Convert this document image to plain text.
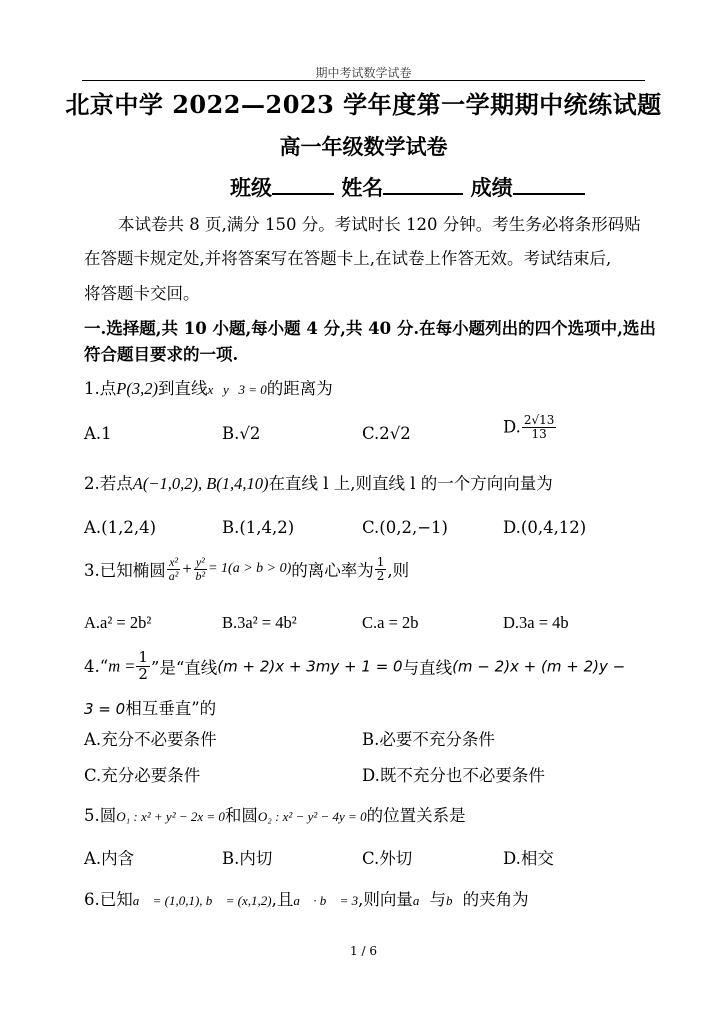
期中考试数学试卷
北京中学 2022—2023 学年度第一学期期中统练试题
高一年级数学试卷
班级	姓名	成绩
本试卷共 8 页,满分 150 分。考试时长 120 分钟。考生务必将条形码贴
在答题卡规定处,并将答案写在答题卡上,在试卷上作答无效。考试结束后,
将答题卡交回。
一.选择题,共 10 小题,每小题 4 分,共 40 分.在每小题列出的四个选项中,选出
符合题目要求的一项.
1.点P(3,2)到直线x   y   3 = 0的距离为
A.1	B.√2	C.2√2	D. $\frac{2√13}{13}$
2.若点A(−1,0,2), B(1,4,10)在直线 l 上,则直线 l 的一个方向向量为
A.(1,2,4)	B.(1,4,2)	C.(0,2,−1)	D.(0,4,12)
3.已知椭圆 $\frac{\text{x²}}{\text{a²}} + \frac{\text{y²}}{\text{b²}} = 1(a > b > 0)$的离心率为 $\frac{1}{2}$ ,则
A.a² = 2b²	B.3a² = 4b²	C.a = 2b	D.3a = 4b
4.“m = $\frac{1}{2}$ ”是“直线(m + 2)x + 3my + 1 = 0与直线(m − 2)x + (m + 2)y −
3 = 0相互垂直”的
A.充分不必要条件	B.必要不充分条件
C.充分必要条件	D.既不充分也不必要条件
5.圆O₁ : x² + y² − 2x = 0和圆O₂ : x² − y² − 4y = 0的位置关系是
A.内含	B.内切	C.外切	D.相交
6.已知a⃗ = (1,0,1), b⃗ = (x,1,2),且a⃗ · b⃗ = 3,则向量a⃗与b⃗的夹角为
1 / 6
